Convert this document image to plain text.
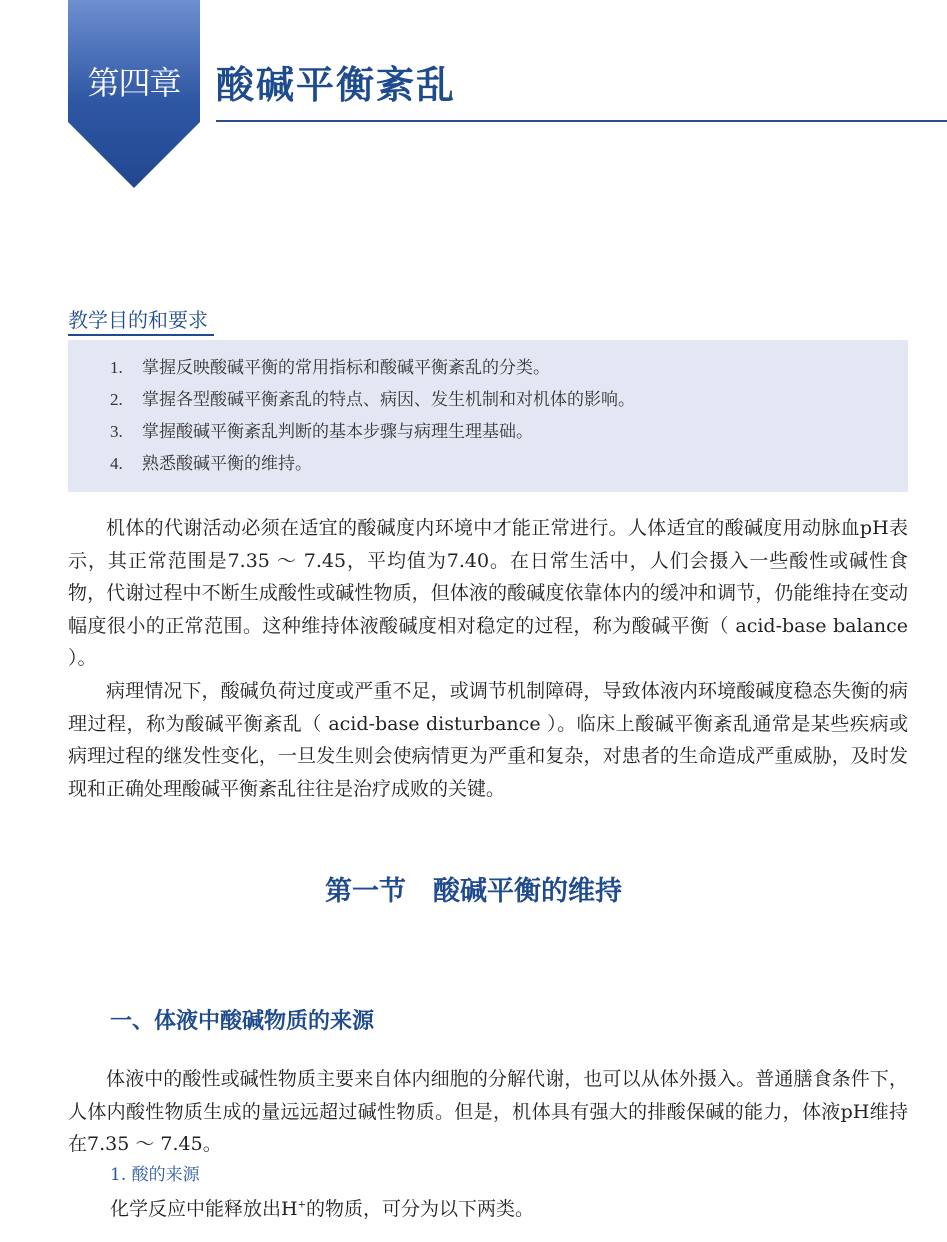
第四章 酸碱平衡紊乱
教学目的和要求
1. 掌握反映酸碱平衡的常用指标和酸碱平衡紊乱的分类。
2. 掌握各型酸碱平衡紊乱的特点、病因、发生机制和对机体的影响。
3. 掌握酸碱平衡紊乱判断的基本步骤与病理生理基础。
4. 熟悉酸碱平衡的维持。

机体的代谢活动必须在适宜的酸碱度内环境中才能正常进行。人体适宜的酸碱度用动脉血pH表示，其正常范围是7.35 ～ 7.45，平均值为7.40。在日常生活中，人们会摄入一些酸性或碱性食物，代谢过程中不断生成酸性或碱性物质，但体液的酸碱度依靠体内的缓冲和调节，仍能维持在变动幅度很小的正常范围。这种维持体液酸碱度相对稳定的过程，称为酸碱平衡（ acid-base balance ）。

病理情况下，酸碱负荷过度或严重不足，或调节机制障碍，导致体液内环境酸碱度稳态失衡的病理过程，称为酸碱平衡紊乱（ acid-base disturbance ）。临床上酸碱平衡紊乱通常是某些疾病或病理过程的继发性变化，一旦发生则会使病情更为严重和复杂，对患者的生命造成严重威胁，及时发现和正确处理酸碱平衡紊乱往往是治疗成败的关键。

第一节　酸碱平衡的维持
一、体液中酸碱物质的来源

体液中的酸性或碱性物质主要来自体内细胞的分解代谢，也可以从体外摄入。普通膳食条件下，人体内酸性物质生成的量远远超过碱性物质。但是，机体具有强大的排酸保碱的能力，体液pH维持在7.35 ～ 7.45。

1. 酸的来源
化学反应中能释放出H+的物质，可分为以下两类。
